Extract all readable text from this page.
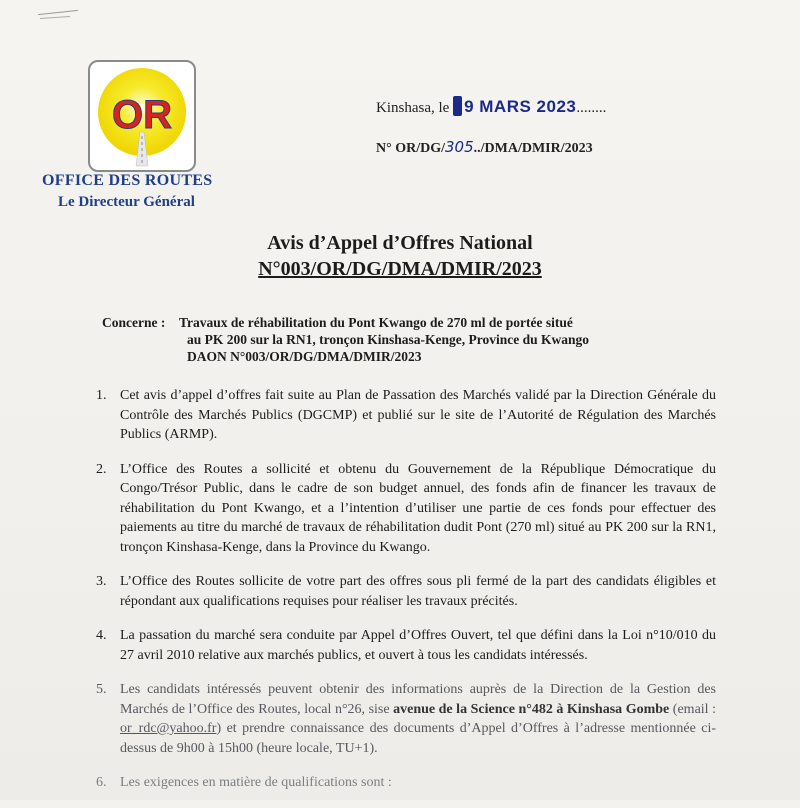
OR
OFFICE DES ROUTES
Le Directeur Général
Kinshasa, le 9 MARS 2023........
N° OR/DG/305../DMA/DMIR/2023
Avis d’Appel d’Offres National
N°003/OR/DG/DMA/DMIR/2023
Concerne : Travaux de réhabilitation du Pont Kwango de 270 ml de portée situé
au PK 200 sur la RN1, tronçon Kinshasa-Kenge, Province du Kwango
DAON N°003/OR/DG/DMA/DMIR/2023
1. Cet avis d’appel d’offres fait suite au Plan de Passation des Marchés validé par la Direction Générale du Contrôle des Marchés Publics (DGCMP) et publié sur le site de l’Autorité de Régulation des Marchés Publics (ARMP).
2. L’Office des Routes a sollicité et obtenu du Gouvernement de la République Démocratique du Congo/Trésor Public, dans le cadre de son budget annuel, des fonds afin de financer les travaux de réhabilitation du Pont Kwango, et a l’intention d’utiliser une partie de ces fonds pour effectuer des paiements au titre du marché de travaux de réhabilitation dudit Pont (270 ml) situé au PK 200 sur la RN1, tronçon Kinshasa-Kenge, dans la Province du Kwango.
3. L’Office des Routes sollicite de votre part des offres sous pli fermé de la part des candidats éligibles et répondant aux qualifications requises pour réaliser les travaux précités.
4. La passation du marché sera conduite par Appel d’Offres Ouvert, tel que défini dans la Loi n°10/010 du 27 avril 2010 relative aux marchés publics, et ouvert à tous les candidats intéressés.
5. Les candidats intéressés peuvent obtenir des informations auprès de la Direction de la Gestion des Marchés de l’Office des Routes, local n°26, sise avenue de la Science n°482 à Kinshasa Gombe (email : or_rdc@yahoo.fr) et prendre connaissance des documents d’Appel d’Offres à l’adresse mentionnée ci-dessus de 9h00 à 15h00 (heure locale, TU+1).
6. Les exigences en matière de qualifications sont :
